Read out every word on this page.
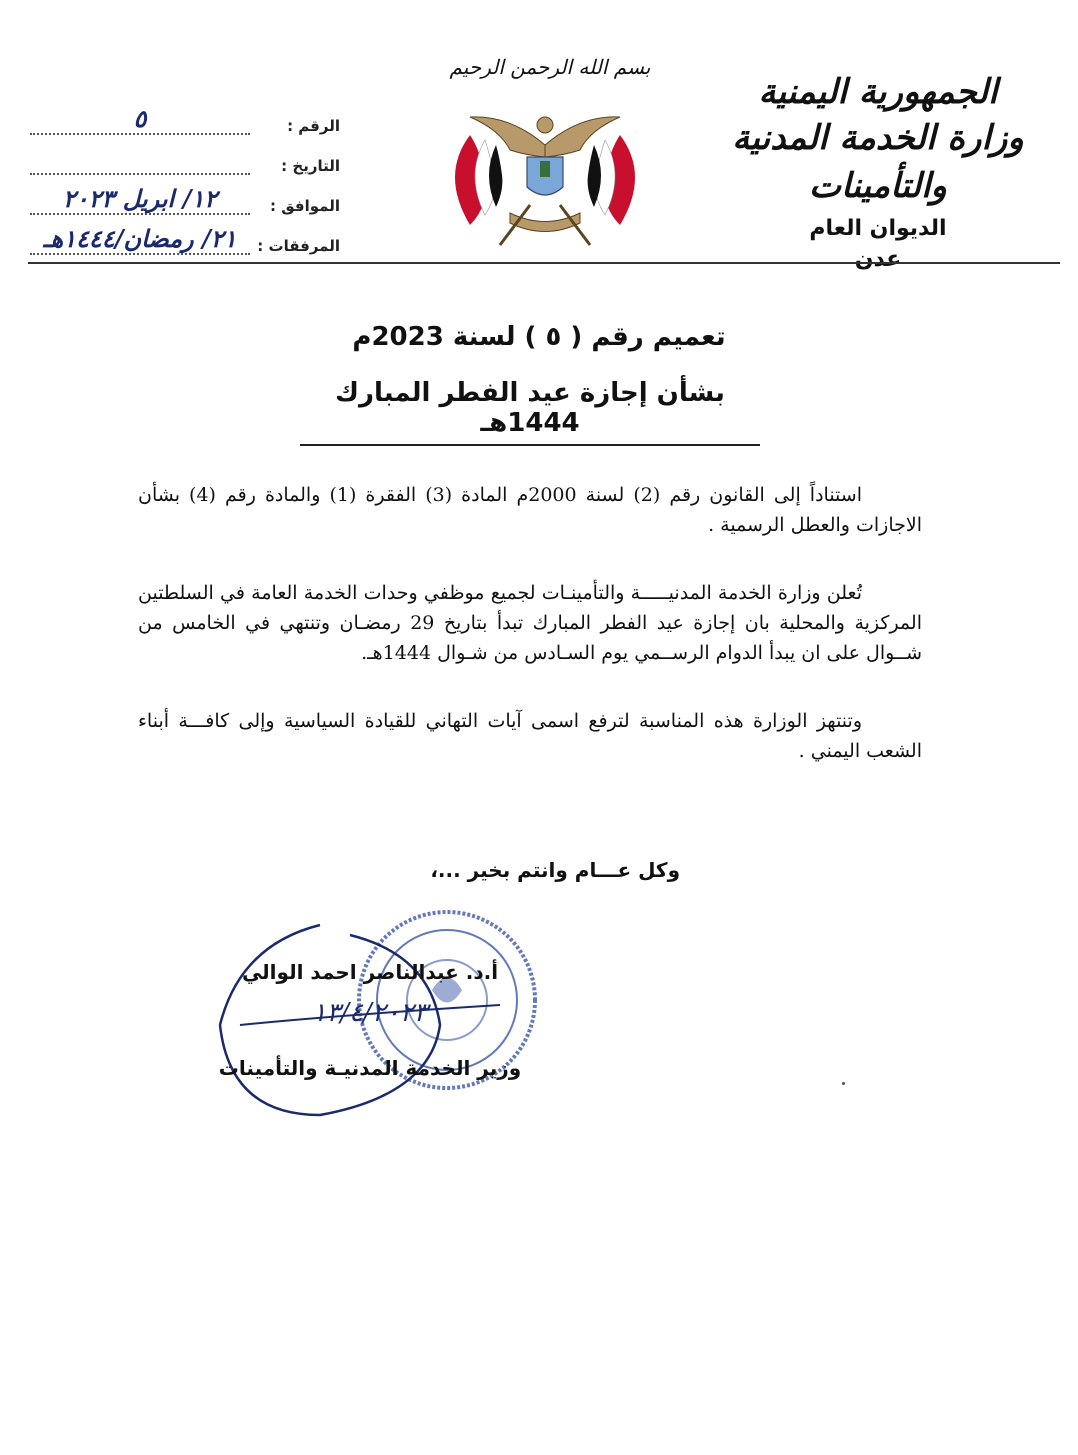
الجمهورية اليمنية
وزارة الخدمة المدنية والتأمينات
الديوان العام
عدن
بسم الله الرحمن الرحيم
الرقم :
٥
التاريخ :
الموافق :
١٢/ ابريل ٢٠٢٣
المرفقات :
٢١/ رمضان/١٤٤٤هـ
تعميم رقم ( ٥ ) لسنة 2023م
بشأن إجازة عيد الفطر المبارك 1444هـ

استناداً إلى القانون رقم (2) لسنة 2000م المادة (3) الفقرة (1) والمادة رقم (4) بشأن الاجازات والعطل الرسمية .

تُعلن وزارة الخدمة المدنيـــــة والتأمينـات لجميع موظفي وحدات الخدمة العامة في السلطتين المركزية والمحلية بان إجازة عيد الفطر المبارك تبدأ بتاريخ 29 رمضـان وتنتهي في الخامس من شــوال على ان يبدأ الدوام الرســمي يوم السـادس من شـوال 1444هـ.

وتنتهز الوزارة هذه المناسبة لترفع اسمى آيات التهاني للقيادة السياسية وإلى كافـــة أبناء الشعب اليمني .

وكل عـــام وانتم بخير ...،
أ.د. عبدالناصر احمد الوالي
١٣/٤/٢٠٢٣
وزير الخدمة المدنيـة والتأمينات
